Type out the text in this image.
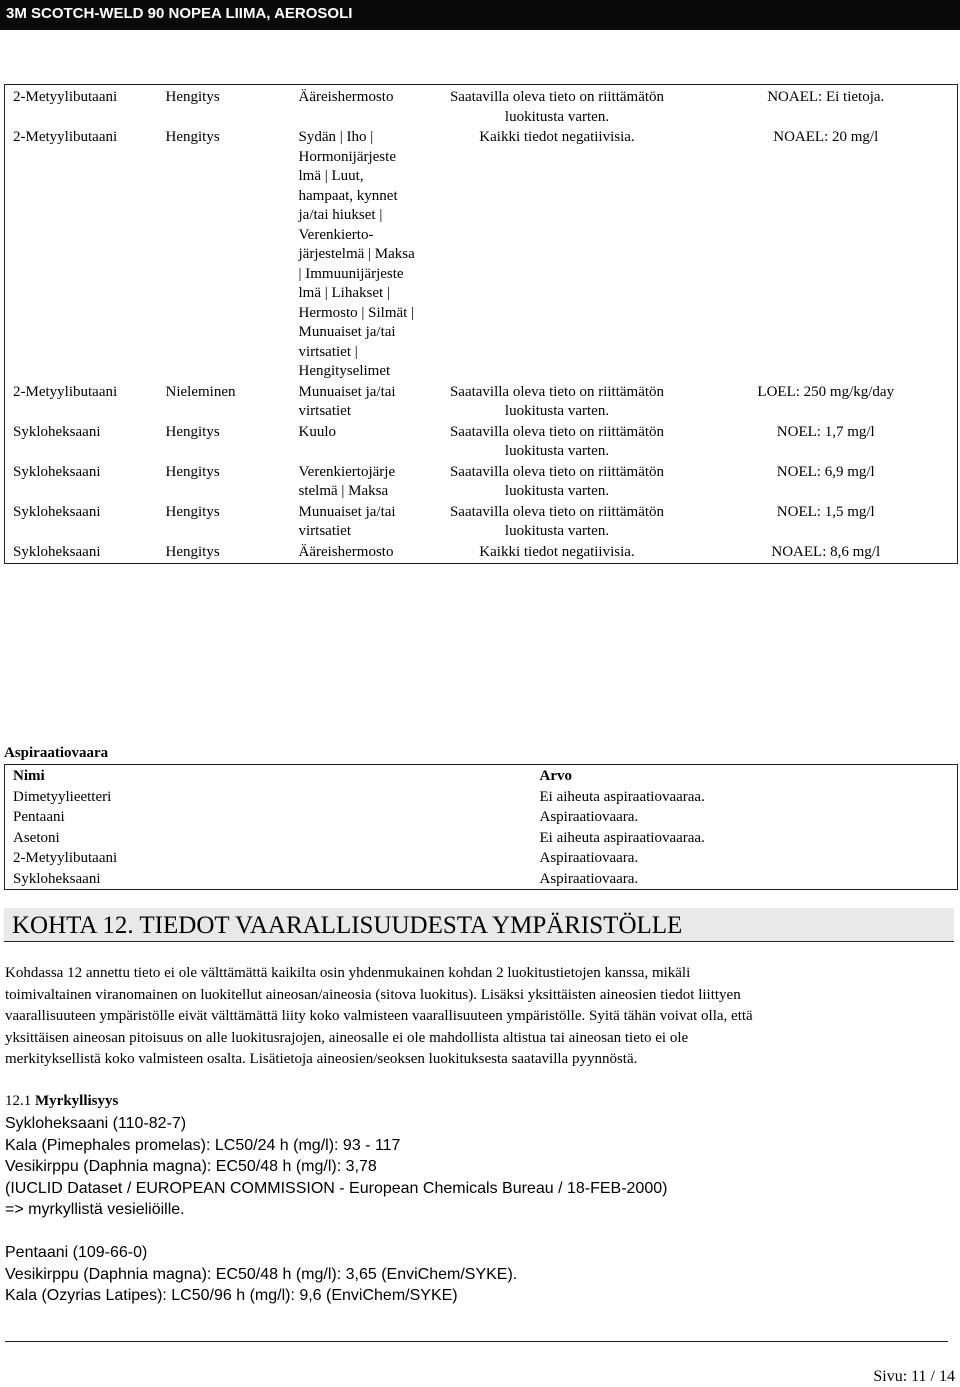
3M SCOTCH-WELD 90 NOPEA LIIMA, AEROSOLI
2-Metyylibutaani	Hengitys	Ääreishermosto	Saatavilla oleva tieto on riittämätön luokitusta varten.	NOAEL: Ei tietoja.
2-Metyylibutaani	Hengitys	Sydän | Iho | Hormonijärjeste lmä | Luut, hampaat, kynnet ja/tai hiukset | Verenkierto- järjestelmä | Maksa | Immuunijärjeste lmä | Lihakset | Hermosto | Silmät | Munuaiset ja/tai virtsatiet | Hengityselimet	Kaikki tiedot negatiivisia.	NOAEL: 20 mg/l
2-Metyylibutaani	Nieleminen	Munuaiset ja/tai virtsatiet	Saatavilla oleva tieto on riittämätön luokitusta varten.	LOEL: 250 mg/kg/day
Sykloheksaani	Hengitys	Kuulo	Saatavilla oleva tieto on riittämätön luokitusta varten.	NOEL: 1,7 mg/l
Sykloheksaani	Hengitys	Verenkiertojärje stelmä | Maksa	Saatavilla oleva tieto on riittämätön luokitusta varten.	NOEL: 6,9 mg/l
Sykloheksaani	Hengitys	Munuaiset ja/tai virtsatiet	Saatavilla oleva tieto on riittämätön luokitusta varten.	NOEL: 1,5 mg/l
Sykloheksaani	Hengitys	Ääreishermosto	Kaikki tiedot negatiivisia.	NOAEL: 8,6 mg/l
Aspiraatiovaara
Nimi	Arvo
Dimetyylieetteri	Ei aiheuta aspiraatiovaaraa.
Pentaani	Aspiraatiovaara.
Asetoni	Ei aiheuta aspiraatiovaaraa.
2-Metyylibutaani	Aspiraatiovaara.
Sykloheksaani	Aspiraatiovaara.
KOHTA 12. TIEDOT VAARALLISUUDESTA YMPÄRISTÖLLE
Kohdassa 12 annettu tieto ei ole välttämättä kaikilta osin yhdenmukainen kohdan 2 luokitustietojen kanssa, mikäli
toimivaltainen viranomainen on luokitellut aineosan/aineosia (sitova luokitus). Lisäksi yksittäisten aineosien tiedot liittyen
vaarallisuuteen ympäristölle eivät välttämättä liity koko valmisteen vaarallisuuteen ympäristölle. Syitä tähän voivat olla, että
yksittäisen aineosan pitoisuus on alle luokitusrajojen, aineosalle ei ole mahdollista altistua tai aineosan tieto ei ole
merkityksellistä koko valmisteen osalta. Lisätietoja aineosien/seoksen luokituksesta saatavilla pyynnöstä.
12.1 Myrkyllisyys
Sykloheksaani (110-82-7)
Kala (Pimephales promelas): LC50/24 h (mg/l): 93 - 117
Vesikirppu (Daphnia magna): EC50/48 h (mg/l): 3,78
(IUCLID Dataset / EUROPEAN COMMISSION - European Chemicals Bureau / 18-FEB-2000)
=> myrkyllistä vesieliöille.
Pentaani (109-66-0)
Vesikirppu (Daphnia magna): EC50/48 h (mg/l): 3,65 (EnviChem/SYKE).
Kala (Ozyrias Latipes): LC50/96 h (mg/l): 9,6 (EnviChem/SYKE)
Sivu: 11 / 14
